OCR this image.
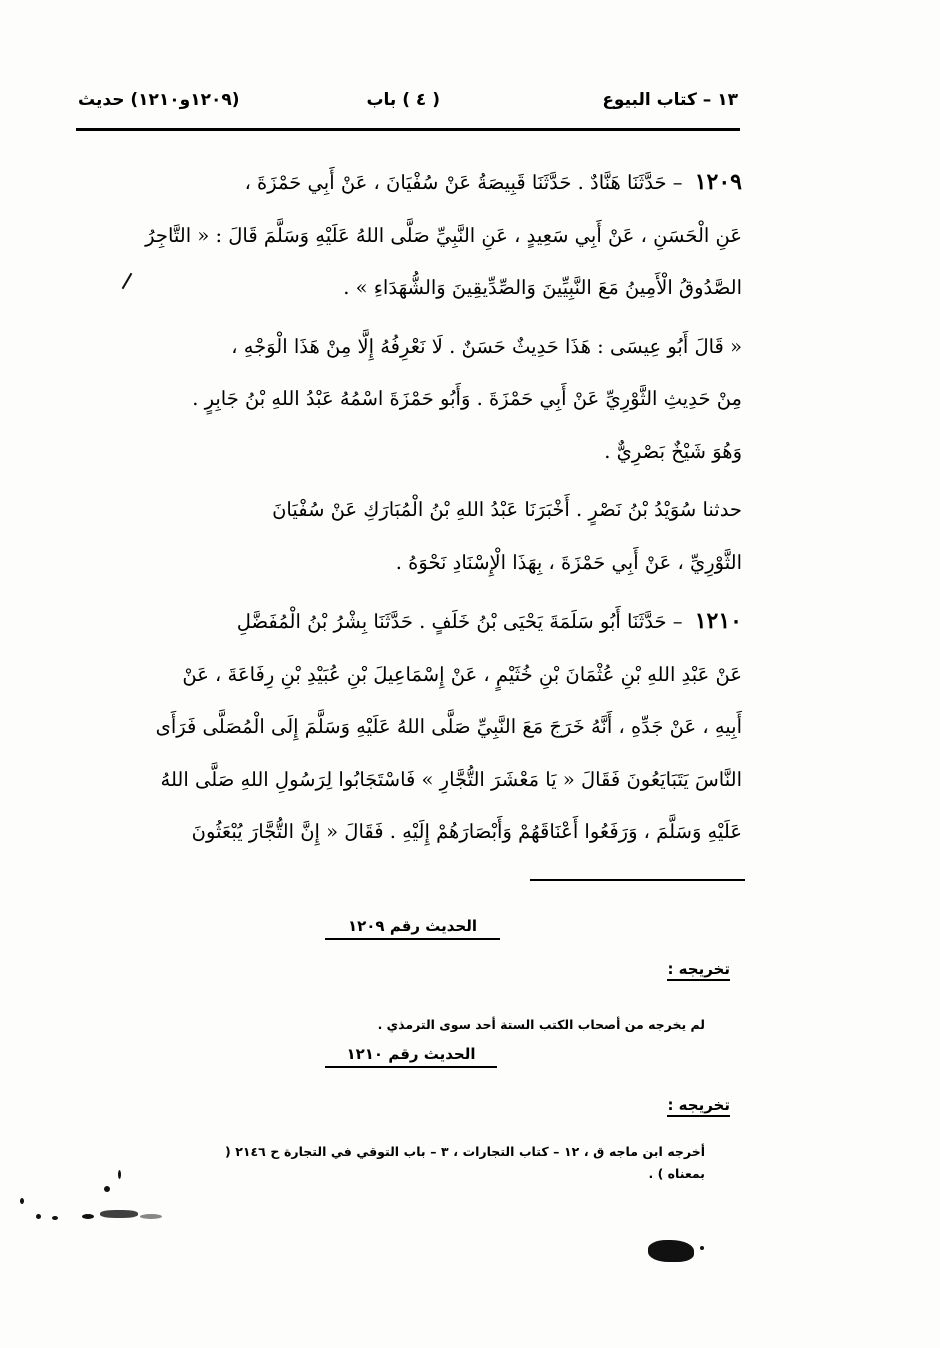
١٣ – كتاب البيوع
( ٤ ) باب
(١٢٠٩و١٢١٠) حديث

١٢٠٩ – حَدَّثَنَا هَنَّادٌ . حَدَّثَنَا قَبِيصَةُ عَنْ سُفْيَانَ ، عَنْ أَبِي حَمْزَةَ ،
عَنِ الْحَسَنِ ، عَنْ أَبِي سَعِيدٍ ، عَنِ النَّبِيِّ صَلَّى اللهُ عَلَيْهِ وَسَلَّمَ قَالَ : « التَّاجِرُ
الصَّدُوقُ الْأَمِينُ مَعَ النَّبِيِّينَ وَالصِّدِّيقِينَ وَالشُّهَدَاءِ » .

« قَالَ أَبُو عِيسَى : هَذَا حَدِيثٌ حَسَنٌ . لَا نَعْرِفُهُ إِلَّا مِنْ هَذَا الْوَجْهِ ،
مِنْ حَدِيثِ الثَّوْرِيِّ عَنْ أَبِي حَمْزَةَ . وَأَبُو حَمْزَةَ اسْمُهُ عَبْدُ اللهِ بْنُ جَابِرٍ .
وَهُوَ شَيْخٌ بَصْرِيٌّ .

حدثنا سُوَيْدُ بْنُ نَصْرٍ . أَخْبَرَنَا عَبْدُ اللهِ بْنُ الْمُبَارَكِ عَنْ سُفْيَانَ
الثَّوْرِيِّ ، عَنْ أَبِي حَمْزَةَ ، بِهَذَا الْإِسْنَادِ نَحْوَهُ .

١٢١٠ – حَدَّثَنَا أَبُو سَلَمَةَ يَحْيَى بْنُ خَلَفٍ . حَدَّثَنَا بِشْرُ بْنُ الْمُفَضَّلِ
عَنْ عَبْدِ اللهِ بْنِ عُثْمَانَ بْنِ خُثَيْمٍ ، عَنْ إِسْمَاعِيلَ بْنِ عُبَيْدِ بْنِ رِفَاعَةَ ، عَنْ
أَبِيهِ ، عَنْ جَدِّهِ ، أَنَّهُ خَرَجَ مَعَ النَّبِيِّ صَلَّى اللهُ عَلَيْهِ وَسَلَّمَ إِلَى الْمُصَلَّى فَرَأَى
النَّاسَ يَتَبَايَعُونَ فَقَالَ « يَا مَعْشَرَ التُّجَّارِ » فَاسْتَجَابُوا لِرَسُولِ اللهِ صَلَّى اللهُ
عَلَيْهِ وَسَلَّمَ ، وَرَفَعُوا أَعْنَاقَهُمْ وَأَبْصَارَهُمْ إِلَيْهِ . فَقَالَ « إِنَّ التُّجَّارَ يُبْعَثُونَ

الحديث رقم ١٢٠٩
تخريجه :
لم يخرجه من أصحاب الكتب الستة أحد سوى الترمذي .
الحديث رقم ١٢١٠
تخريجه :
أخرجه ابن ماجه ق ، ١٢ – كتاب التجارات ، ٣ – باب التوقي في التجارة ح ٢١٤٦ ( بمعناه ) .
